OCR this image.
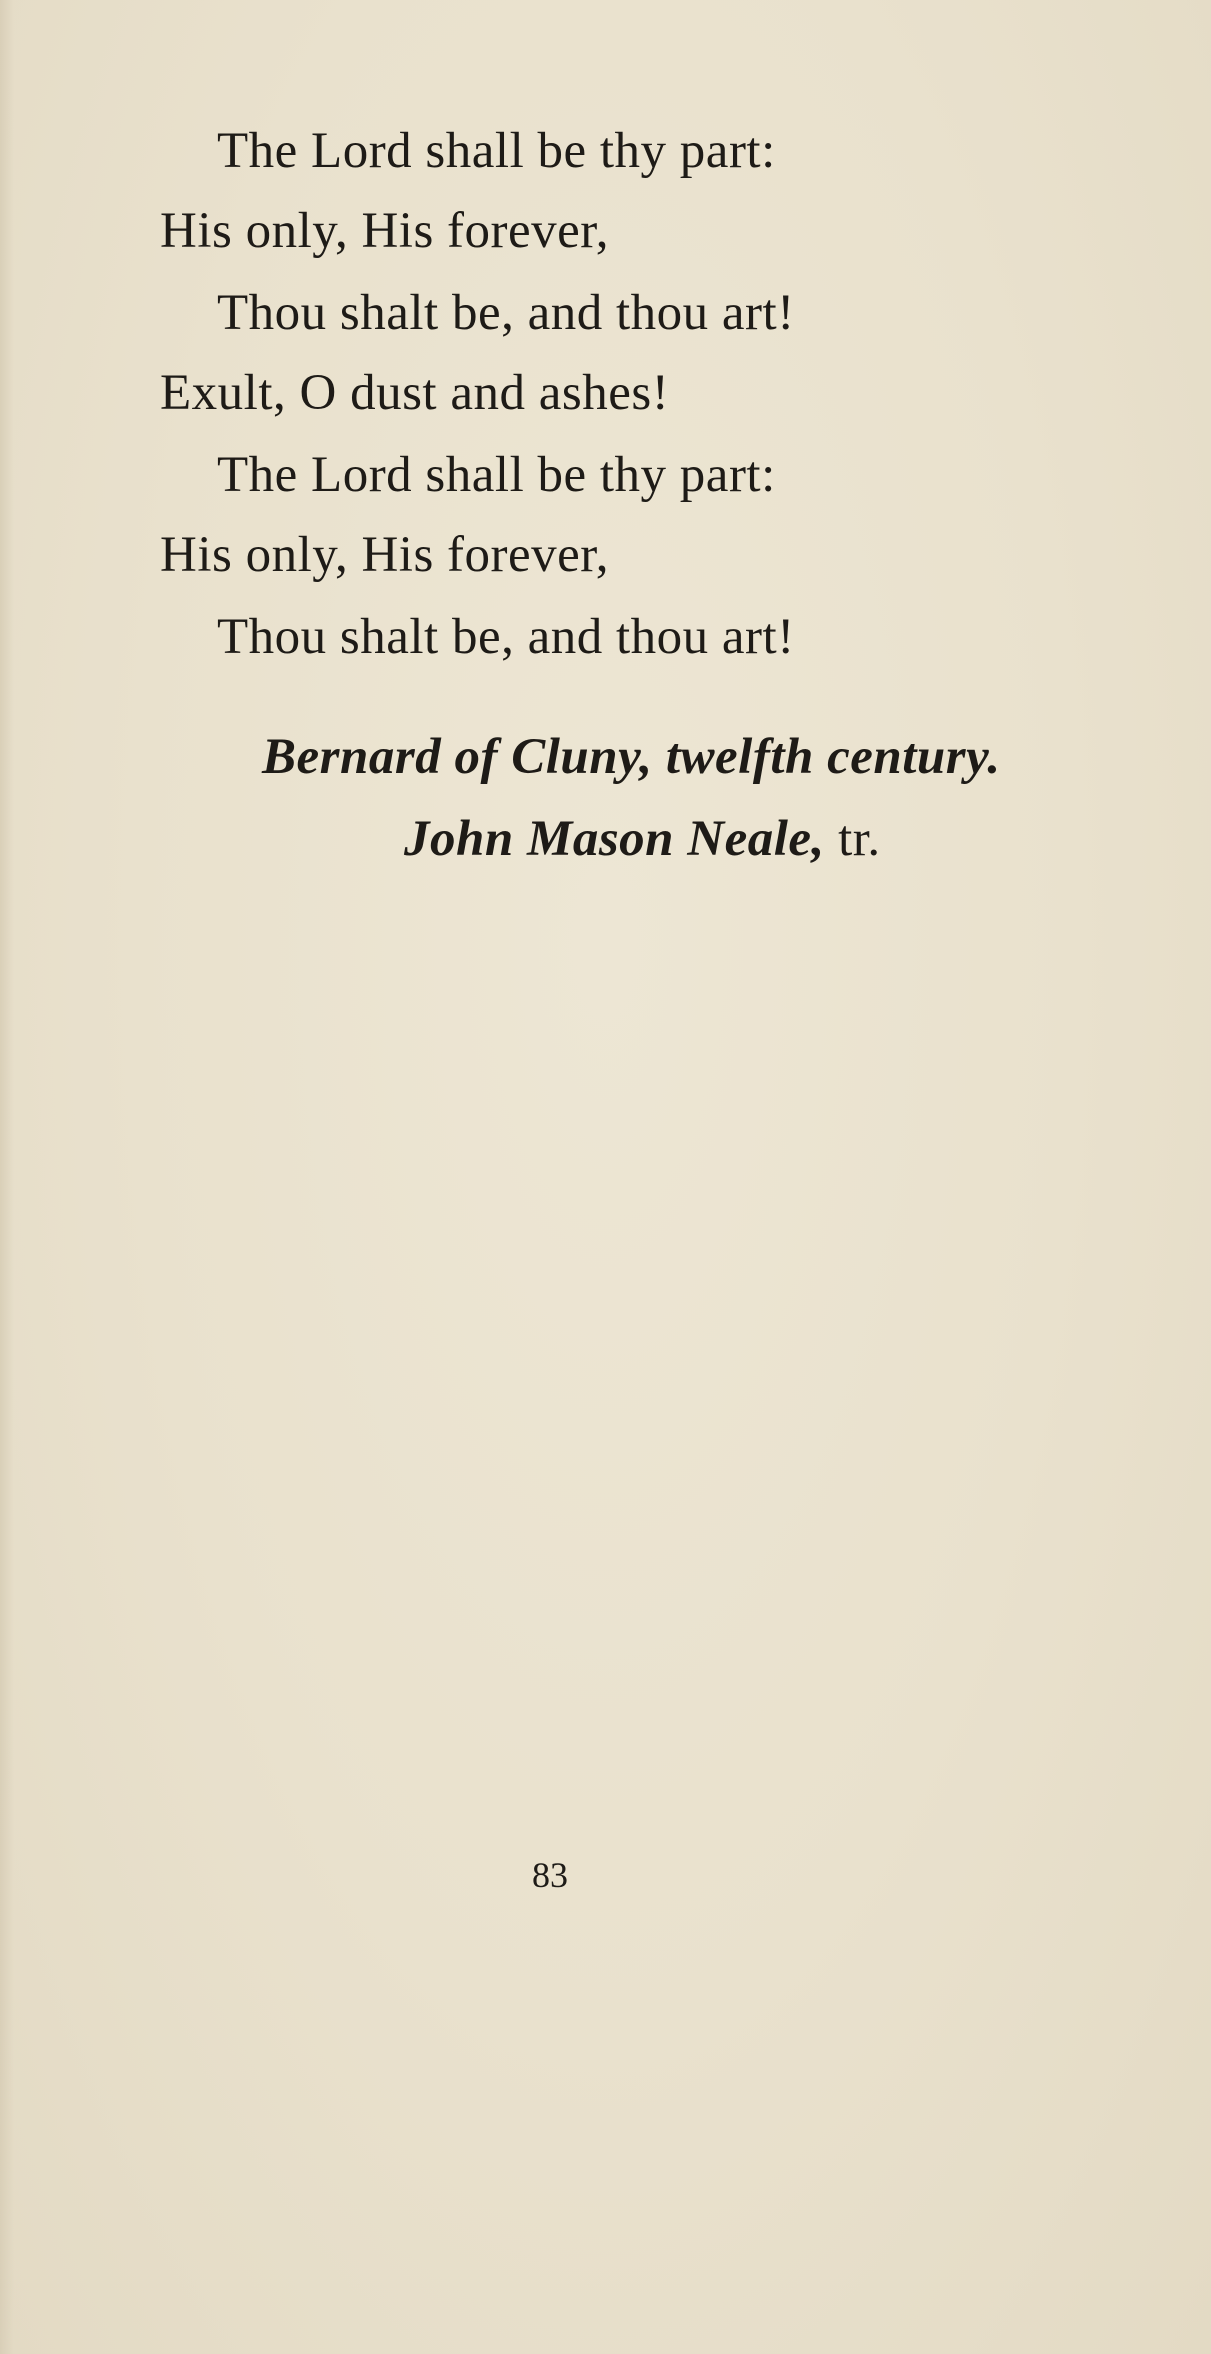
The Lord shall be thy part:
His only, His forever,
Thou shalt be, and thou art!
Exult, O dust and ashes!
The Lord shall be thy part:
His only, His forever,
Thou shalt be, and thou art!
Bernard of Cluny, twelfth century.
John Mason Neale, tr.
83
